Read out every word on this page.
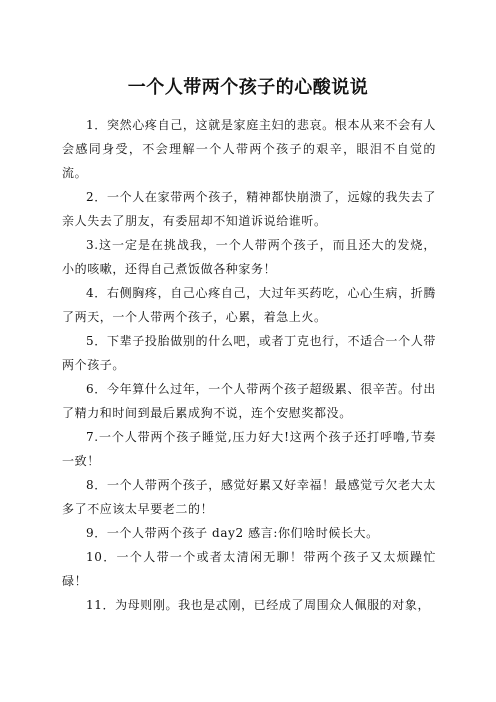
一个人带两个孩子的心酸说说

1．突然心疼自己，这就是家庭主妇的悲哀。根本从来不会有人会感同身受，不会理解一个人带两个孩子的艰辛，眼泪不自觉的流。

2．一个人在家带两个孩子，精神都快崩溃了，远嫁的我失去了亲人失去了朋友，有委屈却不知道诉说给谁听。

3.这一定是在挑战我，一个人带两个孩子，而且还大的发烧，小的咳嗽，还得自己煮饭做各种家务！

4．右侧胸疼，自己心疼自己，大过年买药吃，心心生病，折腾了两天，一个人带两个孩子，心累，着急上火。

5．下辈子投胎做别的什么吧，或者丁克也行，不适合一个人带两个孩子。

6．今年算什么过年，一个人带两个孩子超级累、很辛苦。付出了精力和时间到最后累成狗不说，连个安慰奖都没。

7.一个人带两个孩子睡觉,压力好大!这两个孩子还打呼噜,节奏一致！

8．一个人带两个孩子，感觉好累又好幸福！最感觉亏欠老大太多了不应该太早要老二的！

9．一个人带两个孩子 day2 感言:你们啥时候长大。

10．一个人带一个或者太清闲无聊！带两个孩子又太烦躁忙碌！

11．为母则刚。我也是忒刚，已经成了周围众人佩服的对象，
